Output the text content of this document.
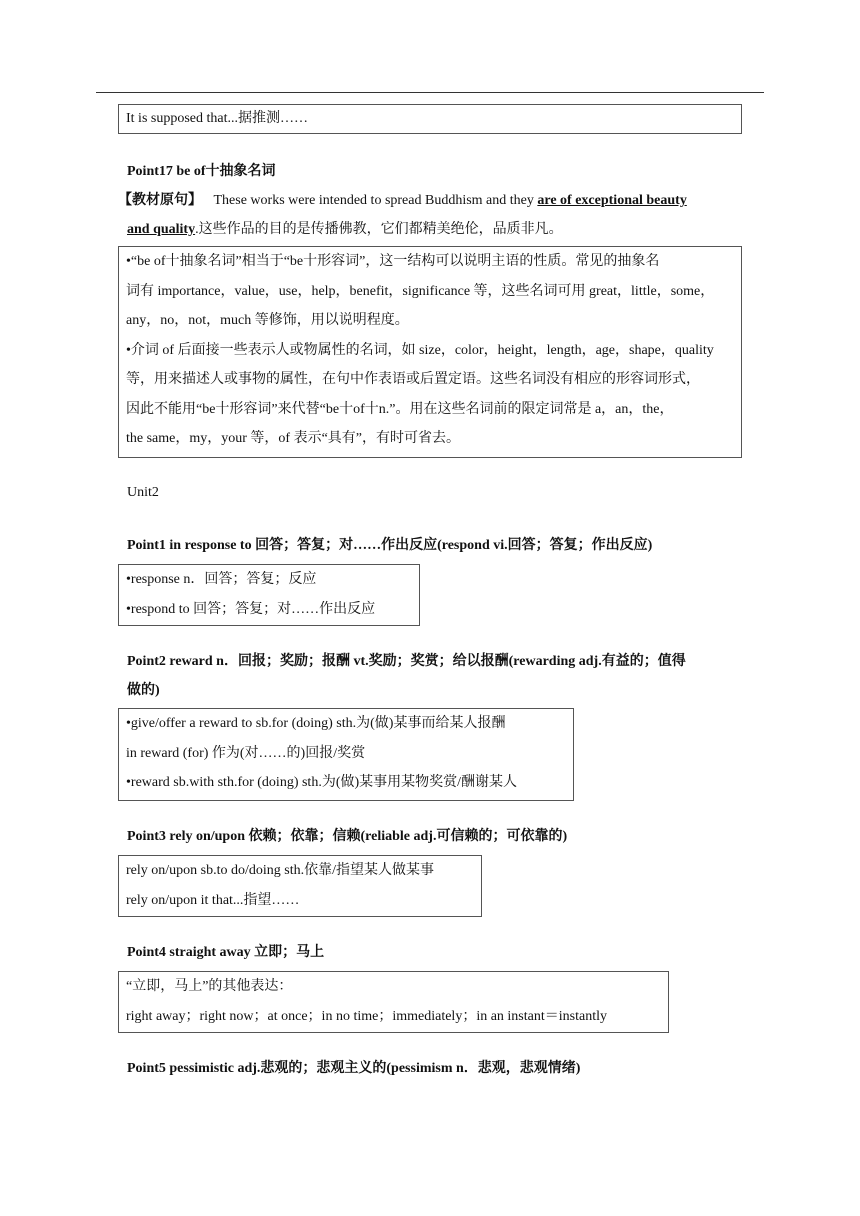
It is supposed that...据推测……

Point17 be of十抽象名词
【教材原句】 These works were intended to spread Buddhism and they are of exceptional beauty
and quality.这些作品的目的是传播佛教，它们都精美绝伦，品质非凡。

•“be of十抽象名词”相当于“be十形容词”，这一结构可以说明主语的性质。常见的抽象名

词有 importance，value，use，help，benefit，significance 等，这些名词可用 great，little，some，

any，no，not，much 等修饰，用以说明程度。

•介词 of 后面接一些表示人或物属性的名词，如 size，color，height，length，age，shape，quality

等，用来描述人或事物的属性，在句中作表语或后置定语。这些名词没有相应的形容词形式，

因此不能用“be十形容词”来代替“be十of十n.”。用在这些名词前的限定词常是 a，an，the，

the same，my，your 等，of 表示“具有”，有时可省去。

Unit2
Point1 in response to 回答；答复；对……作出反应(respond vi.回答；答复；作出反应)

•response n．回答；答复；反应

•respond to 回答；答复；对……作出反应

Point2 reward n．回报；奖励；报酬 vt.奖励；奖赏；给以报酬(rewarding adj.有益的；值得
做的)

•give/offer a reward to sb.for (doing) sth.为(做)某事而给某人报酬

in reward (for) 作为(对……的)回报/奖赏

•reward sb.with sth.for (doing) sth.为(做)某事用某物奖赏/酬谢某人

Point3 rely on/upon 依赖；依靠；信赖(reliable adj.可信赖的；可依靠的)

rely on/upon sb.to do/doing sth.依靠/指望某人做某事

rely on/upon it that...指望……

Point4 straight away 立即；马上

“立即，马上”的其他表达：

right away；right now；at once；in no time；immediately；in an instant＝instantly

Point5 pessimistic adj.悲观的；悲观主义的(pessimism n．悲观，悲观情绪)
